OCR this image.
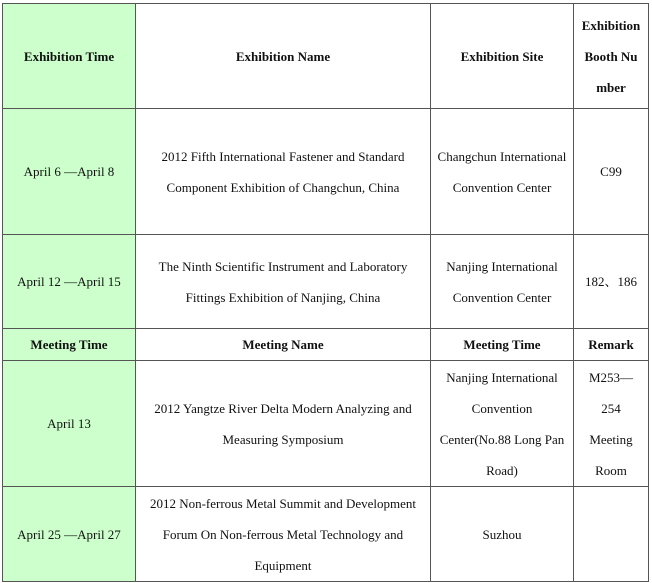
Exhibition Time	Exhibition Name	Exhibition Site	Exhibition Booth Number
April 6 —April 8	2012 Fifth International Fastener and Standard Component Exhibition of Changchun, China	Changchun International Convention Center	C99
April 12 —April 15	The Ninth Scientific Instrument and Laboratory Fittings Exhibition of Nanjing, China	Nanjing International Convention Center	182、186
Meeting Time	Meeting Name	Meeting Time	Remark
April 13	2012 Yangtze River Delta Modern Analyzing and Measuring Symposium	Nanjing International Convention Center(No.88 Long Pan Road)	M253—254 Meeting Room
April 25 —April 27	2012 Non-ferrous Metal Summit and Development Forum On Non-ferrous Metal Technology and Equipment	Suzhou	
